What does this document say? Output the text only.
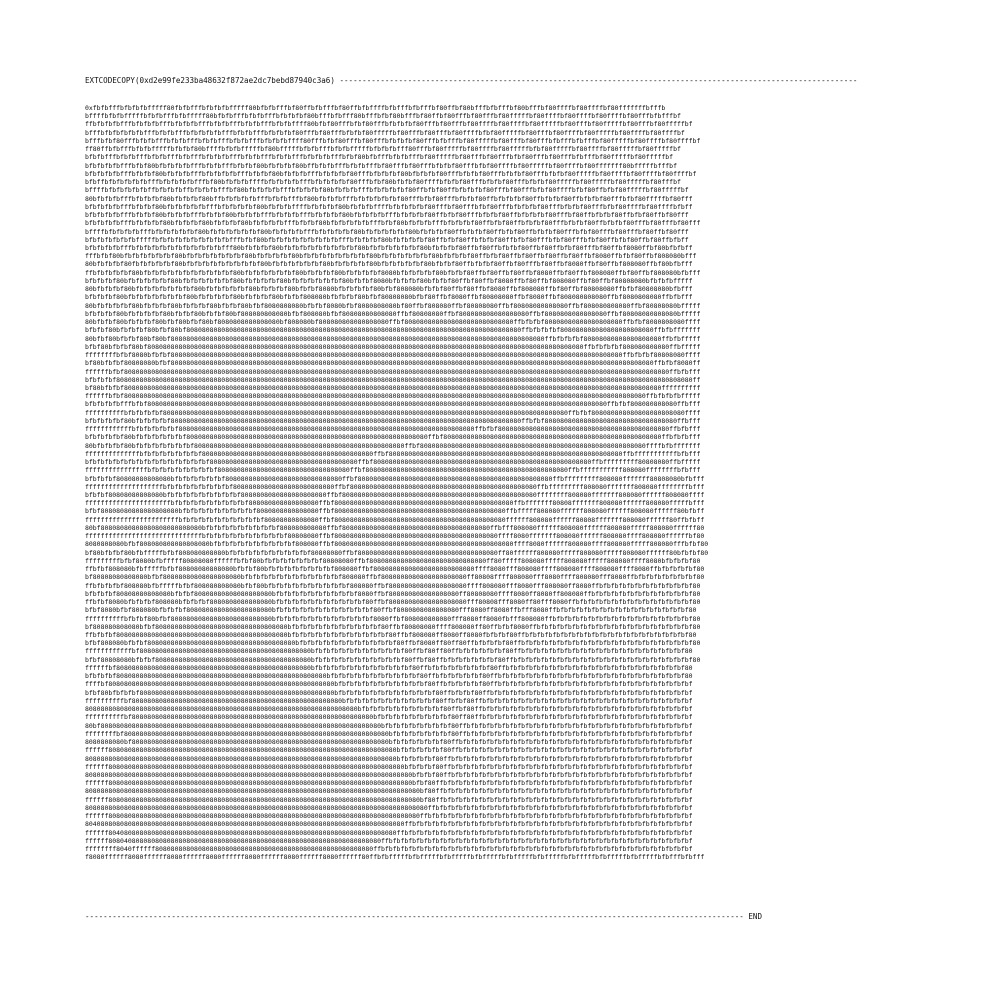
EXTCODECOPY(0xd2e99fe233ba48632f872ae2dc7bebd87940c3a6) ------------------------------------------------------------------------------------------------------------------
0xfbfbfffbfbfbfbfffff80fbfbfffbfbfbfbfffff80bfbfbfffbf80ffbfbfffbf80ffbfbffffbfbfffbfbfffbf80ffbf80bfffbfbfffbf80bfffbf80ffffbf80ffffbf80fffffffbfffb
bffffbfbfbfffffbfbfbfffbfbfffff80bfbfbfffbfbfbfffbfbfbfbf80bfffbfbfff80bfffbfbf80bfffbf80ffbf80fffbf80fffbf80fffffbf80ffffbf80ffffbf80ffffbf80fffbfbfffbf
ffbfbfbfbfffbfbfbfbfffbfbfbfbfffbfbfbfffbfbfbfffbfbfbffff80bfbf80fffbfbf80fffbfbfbfbf80fffbf80fffbf80ffffbf80ffffbf80fffffbf80fffbf80fffffbf80fffbf80fffffbf
bfffbfbfbfbfbfbfffbfbfbfffbfbfbfbfbfffbfbfbfffbfbfbfbf80fffbf80fffbfbfbf80fffffbf80fffbf80fffbf80ffffbfbf80fffffbf80fffbf80ffffbf80fffffbf80ffffbf80ffffbf
bfffbfbf80fffbfbfbfffbfbfbfffbfbfbfffbfbfbfffbfbfbfbffff80fffbfbf80fffbf80fffbfbfbfbf80fffbfbfffbf80fffffbf80fffbf80fffbfbfffbfbfffbf80fffffbf80ffffbf80ffffbf
ff80ffbfbfffbfbfbfffffbfbfbf80bffffbfbfbfffffbf80bfffffbfbfbfffbfbfbfffffbfbfbfbfff80fffbf80fffffbf80ffffbf80fffffbfbf80fffffbf80ffffbf80fffffbf80fffffbf
bfbfbfffbfbfbfffbfbfbfffbfbfffbfbfbfbfffbfbfbfffbfbfbfffbfbfbfbfffbfbf80bfbfffbfbfbfffbf80fffffbf80fffbf80fffbfbf80fffbf80fffbfbfffbf80fffffbf80fffffbf
bfbfbfbfbfffbfbf80bfbfbfbfbfffbfbfbfffbfbfbf80bfbfbfbf80bffbfbfbfffbfbfbfffbf80fffbf80fffbfbfbf80fffbfbf80ffffbf80fffffbf80ffffbf80fffffff80bfffffbfffbf
bfbfbfbfbfffbfbfbf80bfbfbfbfffbfbfbfbfbfffbfbfbf80bfbfbfbfffbfbfbfbf80fffbfbfbfbf80bfbfbfbf80fffbfbfbf80fffbfbfbf80fffbfbfbf80fffffbf80ffffbf80ffffbf80ffffbf
bfbffbfbfbfbfbfbfffbfbfbfbfbfffbf80bfbfbfbffffbfbfbfbfbfffbfbfbfbfbf80fffbfbf80bfbfbf80ffffbfbfbf80fffbfbfbf80fffbfbfbf80fffffbf80fffffbf80fffffbf80fffbf
bffffbfbfbfbfbfbffbfbfbfbffbfbfbfbfffbf80bfbfbfbfbfffbfbfbfbf80bfbfbfbfffbfbfbfbfbf80ffbfbf80ffbfbfbfbf80fffbf80fffbfbf80ffffbfbf80ffbfbf80fffffbf80fffffbf
80bfbfbfbfffbfbfbfbf80bfbfbfbf80bffbfbfbfbfbfffbfbfbfffbf80bfbfbfbfffbfbfbfbfbfbf80fffbfbf80fffbfbfbf80ffbfbfbfbf80ffbfbfbf80ffbfbfbf80fffbfbf80fffffbf80fff
bfbfbfbfbfffbfbfbf80bfbfbfbfbfbfffbfbfbfbfbf80bfbfbfbffffbfbfbfbf80bfbfbfbffffbfbfbfbfbf80fffbf80fffbfbf80fffbfbfbfbf80fffbfbfbf80fffbfbf80ffffbf80ffffbfbff
bfbfbfbfbfffbfbfbf80bfbfbfbfffbfbfbf80bfbfbfbfffbfbfbfbfffbfbfbfbf80bfbfbfbfbfffbfbfbfbf80ffbfbf80fffbfbfbf80ffbfbfbfbf80fffbf80ffbfbfbf80ffbfbf80ffbf80fff
bfbfbfbfbfffbfbfbfbf80bfbfbfbf80bfbfbfbf80bfbfbfbfbfffbfbfbf80bfbfbfbfbfbfffbfbf80bfbfbfbfffbfbfbfbf80ffbfbf80ffbfbfbf80fffbfbfbf80ffbfbfbf80fffbf80fffbf80fff
bffffbfbfbfbfbfffbfbfbfbfbfbf80bfbfbfbfbfbfbf80bfbfbfbfbfffbfbfbfbfbf80bfbfbfbfbfbf80bfbfbfbf80ffbfbfbf80ffbfbf80ffbfbfbf80fffbfbf80fffbf80fffbf80ffbf80fff
bfbfbfbfbfbfbfffffbfbfbfbfbfbfbfbfbfbfffbfbf80bfbfbfbfbfbfbfbfbfbfffbfbfbfbf80bfbfbfbfbf80ffbfbf80ffbfbfbf80ffbfbf80fffbfbf80fffbfbf80ffbfbf80ffbf80ffbfbff
bfbfbfbfbfffbfbfbfbfbfbfbfbfbfbfbfbfff80bfbfbfbf80bfbfbfbfbfbfbfbfbfbf80bfbfbfbfbfbfbf80bfbfbfbf80ffbf80ffbfbfbf80ffbf80ffbfbf80fffbf80ffbf8080ffbf80bfbfbff
fffbfbf80bfbfbfbfbfbfbf80bfbfbfbfbfbfbfbf80bfbfbfbfbf80bfbfbfbfbfbfbfbfbf80bfbfbfbfbfbfbf80bfbfbfbf80ffbfbf80ffbf80ffbf80ffbf80ffbf8080ffbfbf80ffbf808080bfff
80bfbfbfbf80fbfbfbfbfbf80bfbfbfbfbfbfbfbfbfbf80bfbfbfbfbfbfbf80bfbfbfbfbf80bfbfbfbfbfbf80bfbfbf80ffbfbfbf80ffbf80fffbf80ffbf8080ffbf80ffbf808080ffbf80bfbfff
ffbfbfbfbfbf80bfbfbfbfbfbfbfbfbfbfbfbf80bfbfbfbfbfbfbf80bfbfbfbf80bfbfbfbfbf8080bfbfbfbfbf80bfbfbf80ffbf80ffbf80ffbf8080ffbf80ffbf808080ffbf80ffbf808080bfbfff
bfbfbfbf80bfbfbfbfbfbf80bfbfbfbfbfbfbf80bfbfbfbfbf80bfbfbfbfbfbfbf80bfbfbf8080bfbfbfbf80bfbfbf80ffbf80ffbf8080ffbf80ffbf808080ffbf80ffbf80808080bfbfbfbfffff
80bfbfbfbf80bfbfbfbfbfbfbfbf80bfbfbfbfbfbf80bfbfbfbf80bfbfbf8080bfbfbfbfbf80bfbf808080bfbfbf80ffbf80ffbf8080ffbf808080ffbf80ffbf80808080ffbfbf80808080bfbfff
bfbfbfbf80bfbfbfbfbfbfbfbf80bfbfbfbfbf80bfbfbfbf80bfbfbf808080bfbfbfbf80bfbf80808080bfbf80ffbf8080ffbf80808080ffbf8080ffbf808080808080ffbf8080808080ffbfbfff
80bfbfbfbfbf80bfbfbfbf80bfbfbfbf80bfbfbf80bfbf8080808080bfbfbf8080bfbf8080808080bf80ffbf808080ffbf80808080ffbf80808080808080ffbf808080808080ffbf80808080bfffff
bfbfbfbf80bfbfbfbfbf80bfbfbf80bfbfbf80bf808080808080bfbf808080bfbf80808080808080ffbf80808080ffbf808080808080808080ffbf8080808080808080ffbf80808080808080bfffff
80bfbfbf80bfbfbfbf80bfbf80bfbf80bf8080808080808080bf808080bf808080808080808080ffbf8080808080808080808080808080ffbfbfbf80808080808080808080ffbfbf8080808080ffff
bfbfbf80bfbfbfbf80bfbf80bf80808080808080808080808080808080808080808080808080808080808080808080808080808080808080ffbfbfbfbf808080808080808080808080ffbfbfffffff
80bfbf80bfbfbf80bf80bf808080808080808080808080808080808080808080808080808080808080808080808080808080808080808080808080ffbfbfbfbf80808080808080808080ffbfbfffff
bfbf80bfbfbf80bf8080808080808080808080808080808080808080808080808080808080808080808080808080808080808080808080808080808080808080ffbfbfbfbf808080808080ffbfffff
ffffffffbfbf8080bfbfbf80808080808080808080808080808080808080808080808080808080808080808080808080808080808080808080808080808080808080808080ffbfbfbf80808080ffff
bf80bfbfbf80808080bfbf8080808080808080808080808080808080808080808080808080808080808080808080808080808080808080808080808080808080808080808080808080ffbfbf8080ff
ffffffbfbf80808080808080808080808080808080808080808080808080808080808080808080808080808080808080808080808080808080808080808080808080808080808080808080ffbfbfff
bfbfbfbf8080808080808080808080808080808080808080808080808080808080808080808080808080808080808080808080808080808080808080808080808080808080808080808080808080ff
bf80bfbfbf808080808080808080808080808080808080808080808080808080808080808080808080808080808080808080808080808080808080808080808080808080808080808080ffffffffff
ffffffbfbf80808080808080808080808080808080808080808080808080808080808080808080808080808080808080808080808080808080808080808080808080808080808080ffbfbfbfbfffff
bfbfbfbfbfffbfbf8080808080808080808080808080808080808080808080808080808080808080808080808080808080808080808080808080808080808080808080ffbfbf808080808080ffbfff
ffffffffffbfbfbfbfbf80808080808080808080808080808080808080808080808080808080808080808080808080808080808080808080808080808080ffbfbf808080808080808080808080ffff
bfbfbfbfbf80bfbfbfbfbf808080808080808080808080808080808080808080808080808080808080808080808080808080808080808080ffbfbf8080808080808080808080808080808080ffbfff
ffffffffffffbfbfbfbfbfbf8080808080808080808080808080808080808080808080808080808080808080808080808080ffbfbf80808080808080808080808080808080808080808080ffbfbfff
bfbfbfbfbf80bfbfbfbfbfbfbf80808080808080808080808080808080808080808080808080808080808080ffbf80808080808080808080808080808080808080808080808080808080ffbfbfbfff
80bfbfbfbf80bfbfbfbfbfbfbfbf808080808080808080808080808080808080808080808080808080ffbf8080808080808080808080808080808080808080808080808080808080ffffbfbfffffff
ffffffffffffffbfbfbfbfbfbfbfbf80808080808080808080808080808080808080808080ffbf808080808080808080808080808080808080808080808080808080808080ffbfffffffffffbfbfff
bfbfbfbfbfbfbfbfbfbfbfbfbfbfbfbf80808080808080808080808080808080808080ffbf80808080808080808080808080808080808080808080808080808080ffbfffffffff80808080ffbfffff
ffffffffffffffffbfbfbfbfbfbfbfbfbf8080808080808080808080808080808080ffbf8080808080808080808080808080808080808080808080808080ffbfffffffffff808080ffffffffbfbfff
bfbfbfbf80808080808080bfbfbfbfbfbfbf808080808080808080808080808080ffbf80808080808080808080808080808080808080808080808080ffbfffffffff808080fffffff80808080bfbfff
ffffffffffffffffffffbfbfbfbfbfbfbfbfbf80808080808080808080808080ffbf808080808080808080808080808080808080808080808080ffbfffffffff808080fffffff808080ffffffffbfff
bfbfbf80808080808080bfbfbfbfbfbfbfbfbfbf8080808080808080808080ffbf80808080808080808080808080808080808080808080808080ffffffff808080fffffff808080ffffff808080ffff
ffffffffffffffffffffffbfbfbfbfbfbfbfbfbfbf808080808080808080ffbf8080808080808080808080808080808080808080808080ffbfffffff80808fffffff808080ffffff808080fffffbfff
bfbf80808080808080808080bfbfbfbfbfbfbfbfbfbf8080808080808080ffbf80808080808080808080808080808080808080808080ffbfffff808080ffffff808080ffffff808080ffffff80bfbff
ffffffffffffffffffffffffbfbfbfbfbfbfbfbfbfbfbf80808080808080ffbf80808080808080808080808080808080808080808080ffffff808080ffffff80808fffffff808080ffffff80ffbfbff
80bf80808080808080808080808080bfbfbfbfbfbfbfbfbfbf808080808080ffbf80808080808080808080808080808080808080ffbfff808080ffffff808080ffffff808080fffff808080ffffff80
ffffffffffffffffffffffffffffffbfbfbfbfbfbfbfbfbfbfbf80808080ffbf808080808080808080808080808080808080808080ffff8080fffffff808080ffffff808080ffff808080ffffffbf80
8080808080bfbf808080808080808080bfbfbfbfbfbfbfbfbfbfbf808080ffbf8080808080808080808080808080808080808080808080ffff8080ffffff808080ffff808080fffff808080fffbfbf80
bf80bfbfbf80bfbfffffbfbf808080808080bfbfbfbfbfbfbfbfbfbfbf80808080ffbf808080808080808080808080808080808080ff80ffffff808080fffff808080fffff808080ffffff80bfbfbf80
fffffffffbfbf8080bfbfffff80808080ffffffbfbf80bfbfbfbfbfbfbfbf80808080ffbf808080808080808080808080808080ff80fffff808080fffff808080fffff808080ffff8080bfbfbfbf80
ffbfbf808080bfbfffffbfbf80808080808080bfbfbf80bfbfbfbfbfbfbfbfbf808080ffbf80808080808080808080808080ffff8080fff808080ffff808080ffff808080ffff8080ffbfbfbfbfbf80
bf80808080808080bfbf80808080808080808080bfbfbfbfbfbfbfbfbfbfbfbfbf808080ffbf8080808080808080808080ff80808ffff808080fff8080ffff808080fff8080ffbfbfbfbfbfbfbfbf80
ffbfbfbfbf808080bfbfffffbfbf808080808080bfbf80bfbfbfbfbfbfbfbfbfbfbf808080ffbf80808080808080808080ffff808080fff8080fff808080ff8080ffbfbfbfbfbfbfbfbfbfbfbfbf80
bfbfbfbf80808080808080bfbfbf80808080808080808080bfbfbfbfbfbfbfbfbfbfbf8080ffbf808080808080808080ff80808080ffff8080ff8080ff808080ffbfbfbfbfbfbfbfbfbfbfbfbfbf80
ffbfbf8080bfbfbfbf808080bfbfbfbf8080808080808080bfbfbfbfbfbfbfbfbfbfbfbf80ffbf80808080808080808080fff80808fff8080ff80fff8080ffbfbfbfbfbfbfbfbfbfbfbfbfbfbfbf80
bfbf8080bfbf808080bfbfbfbf8080808080808080808080bfbfbfbfbfbfbfbfbfbfbfbfbf80ffbf8080808080808080fff8080ff8080ffbfff8080ffbfbfbfbfbfbfbfbfbfbfbfbfbfbfbfbfbf80
ffffffffffbfbfbf80bfbf80808080808080808080808080bfbfbfbfbfbfbfbfbfbfbfbfbf8080ffbf808080808080fff8080ff8080fbfff808080ffbfbfbfbfbfbfbfbfbfbfbfbfbfbfbfbfbfbf80
bf808080808080bfbf8080808080808080808080808080808080bfbfbfbfbfbfbfbfbfbfbfbf80ffbf80808080ffff808080ff80ffbfbf8080ffbfbfbfbfbfbfbfbfbfbfbfbfbfbfbfbfbfbfbfbf80
ffbfbfbf80808080808080808080808080808080808080808080bfbfbfbfbfbfbfbfbfbfbfbfbf80ffbf808080ff8080ff8080fbfbfbf80ffbfbfbfbfbfbfbfbfbfbfbfbfbfbfbfbfbfbfbfbfbf80
bfbf808080bfbfbf80808080808080808080808080808080808080bfbfbfbfbfbfbfbfbfbfbfbfbf80ffbf8080ff80ff80ffbfbfbfbf80ffbfbfbfbfbfbfbfbfbfbfbfbfbfbfbfbfbfbfbfbfbfbf80
ffffffffffffbf80808080808080808080808080808080808080808080bfbfbfbfbfbfbfbfbfbfbfbf80ffbf80ff80ffbfbfbfbfbfbf80ffbfbfbfbfbfbfbfbfbfbfbfbfbfbfbfbfbfbfbfbfbf80
bfbf80808080bfbfbf8080808080808080808080808080808080808080bfbfbfbfbfbfbfbfbfbfbfbf80ffbf80ffbfbfbfbfbfbfbf80ffbfbfbfbfbfbfbfbfbfbfbfbfbfbfbfbfbfbfbfbfbfbfbf80
ffffffbf80808080808080808080808080808080808080808080808080bfbfbfbfbfbfbfbfbfbfbfbfbf80ffbfbfbfbfbfbfbfbf80ffbfbfbfbfbfbfbfbfbfbfbfbfbfbfbfbfbfbfbfbfbfbfbf80
bfbfbfbf808080808080808080808080808080808080808080808080808080bfbfbfbfbfbfbfbfbfbfbfbf80ffbfbfbfbfbfbf80ffbfbfbfbfbfbfbfbfbfbfbfbfbfbfbfbfbfbfbfbfbfbfbfbf80
ffffbf8080808080808080808080808080808080808080808080808080808080bfbfbfbfbfbfbfbfbfbfbfbf80ffbfbfbfbfbf80ffbfbfbfbfbfbfbfbfbfbfbfbfbfbfbfbfbfbfbfbfbfbfbfbfbf
bfbf80bfbfbfbf80808080808080808080808080808080808080808080808080bfbfbfbfbfbfbfbfbfbfbfbfbf80ffbfbfbf80ffbfbfbfbfbfbfbfbfbfbfbfbfbfbfbfbfbfbfbfbfbfbfbfbfbfbf
ffffffffffbf808080808080808080808080808080808080808080808080808080bfbfbfbfbfbfbfbfbfbfbfbf80ffbfbf80ffbfbfbfbfbfbfbfbfbfbfbfbfbfbfbfbfbfbfbfbfbfbfbfbfbfbfbf
8080808080808080808080808080808080808080808080808080808080808080808080bfbfbfbfbfbfbfbfbfbfbf80ffbf80ffbfbfbfbfbfbfbfbfbfbfbfbfbfbfbfbfbfbfbfbfbfbfbfbfbfbfbf
ffffffffffbf80808080808080808080808080808080808080808080808080808080808080bfbfbfbfbfbfbfbfbfbf80ff80ffbfbfbfbfbfbfbfbfbfbfbfbfbfbfbfbfbfbfbfbfbfbfbfbfbfbfbf
80bf808080808080808080808080808080808080808080808080808080808080808080808080bfbfbfbfbfbfbfbfbf80ffbfbfbfbfbfbfbfbfbfbfbfbfbfbfbfbfbfbfbfbfbfbfbfbfbfbfbfbfbf
ffffffffbf80808080808080808080808080808080808080808080808080808080808080808080bfbfbfbfbfbfbfbf80ffbfbfbfbfbfbfbfbfbfbfbfbfbfbfbfbfbfbfbfbfbfbfbfbfbfbfbfbfbf
8080808080bf808080808080808080808080808080808080808080808080808080808080808080bfbfbfbfbfbfbf80ffbfbfbfbfbfbfbfbfbfbfbfbfbfbfbfbfbfbfbfbfbfbfbfbfbfbfbfbfbfbf
ffffff80808080808080808080808080808080808080808080808080808080808080808080808080bfbfbfbfbfbf80ffbfbfbfbfbfbfbfbfbfbfbfbfbfbfbfbfbfbfbfbfbfbfbfbfbfbfbfbfbfbf
80808080808080808080808080808080808080808080808080808080808080808080808080808080bfbfbfbfbf80ffbfbfbfbfbfbfbfbfbfbfbfbfbfbfbfbfbfbfbfbfbfbfbfbfbfbfbfbfbfbfbf
ffffff8080808080808080808080808080808080808080808080808080808080808080808080808080bfbfbfbf80ffbfbfbfbfbfbfbfbfbfbfbfbfbfbfbfbfbfbfbfbfbfbfbfbfbfbfbfbfbfbfbf
808080808080808080808080808080808080808080808080808080808080808080808080808080808080bfbfbf80ffbfbfbfbfbfbfbfbfbfbfbfbfbfbfbfbfbfbfbfbfbfbfbfbfbfbfbfbfbfbfbf
ffffff808080808080808080808080808080808080808080808080808080808080808080808080808080bfbf80ffbfbfbfbfbfbfbfbfbfbfbfbfbfbfbfbfbfbfbfbfbfbfbfbfbfbfbfbfbfbfbfbf
80808080808080808080808080808080808080808080808080808080808080808080808080808080808080bf80ffbfbfbfbfbfbfbfbfbfbfbfbfbfbfbfbfbfbfbfbfbfbfbfbfbfbfbfbfbfbfbfbf
ffffff80808080808080808080808080808080808080808080808080808080808080808080808080808080bf80ffbfbfbfbfbfbfbfbfbfbfbfbfbfbfbfbfbfbfbfbfbfbfbfbfbfbfbfbfbfbfbfbf
8080808080808080808080808080808080808080808080808080808080808080808080808080808080808080ffbfbfbfbfbfbfbfbfbfbfbfbfbfbfbfbfbfbfbfbfbfbfbfbfbfbfbfbfbfbfbfbfbf
ffffff80808080808080808080808080808080808080808080808080808080808080808080808080808080ffbfbfbfbfbfbfbfbfbfbfbfbfbfbfbfbfbfbfbfbfbfbfbfbfbfbfbfbfbfbfbfbfbfbf
8040808080808080808080808080808080808080808080808080808080808080808080808080808080ffbfbfbfbfbfbfbfbfbfbfbfbfbfbfbfbfbfbfbfbfbfbfbfbfbfbfbfbfbfbfbfbfbfbfbfbf
ffffff80408080808080808080808080808080808080808080808080808080808080808080808080ffbfbfbfbfbfbfbfbfbfbfbfbfbfbfbfbfbfbfbfbfbfbfbfbfbfbfbfbfbfbfbfbfbfbfbfbfbf
ffffff8080408080808080808080808080808080808080808080808080808080808080808080ffbfbfbfbfbfbfbfbfbfbfbfbfbfbfbfbfbfbfbfbfbfbfbfbfbfbfbfbfbfbfbfbfbfbfbfbfbfbfbf
ffffffff8040ffffff80808080808080808080808080808080808080808080808080808080ffbfbfbfbfbfbfbfbfbfbfbfbfbfbfbfbfbfbfbfbfbfbfbfbfbfbfbfbfbfbfbfbfbfbfbfbfbfbfbfbf
f8080ffffff8080ffffff8080ffffff8080ffffff8080ffffff8080ffffff8080ffffff80ffbfbfffffbfbfffffbfbfffffbfbfffffbfbfffffbfbfffffbfbfffffbfbfffffbfbfffffbfbfffbfbfff
------------------------------------------------------------------------------------------------------------------------------------------------- END
